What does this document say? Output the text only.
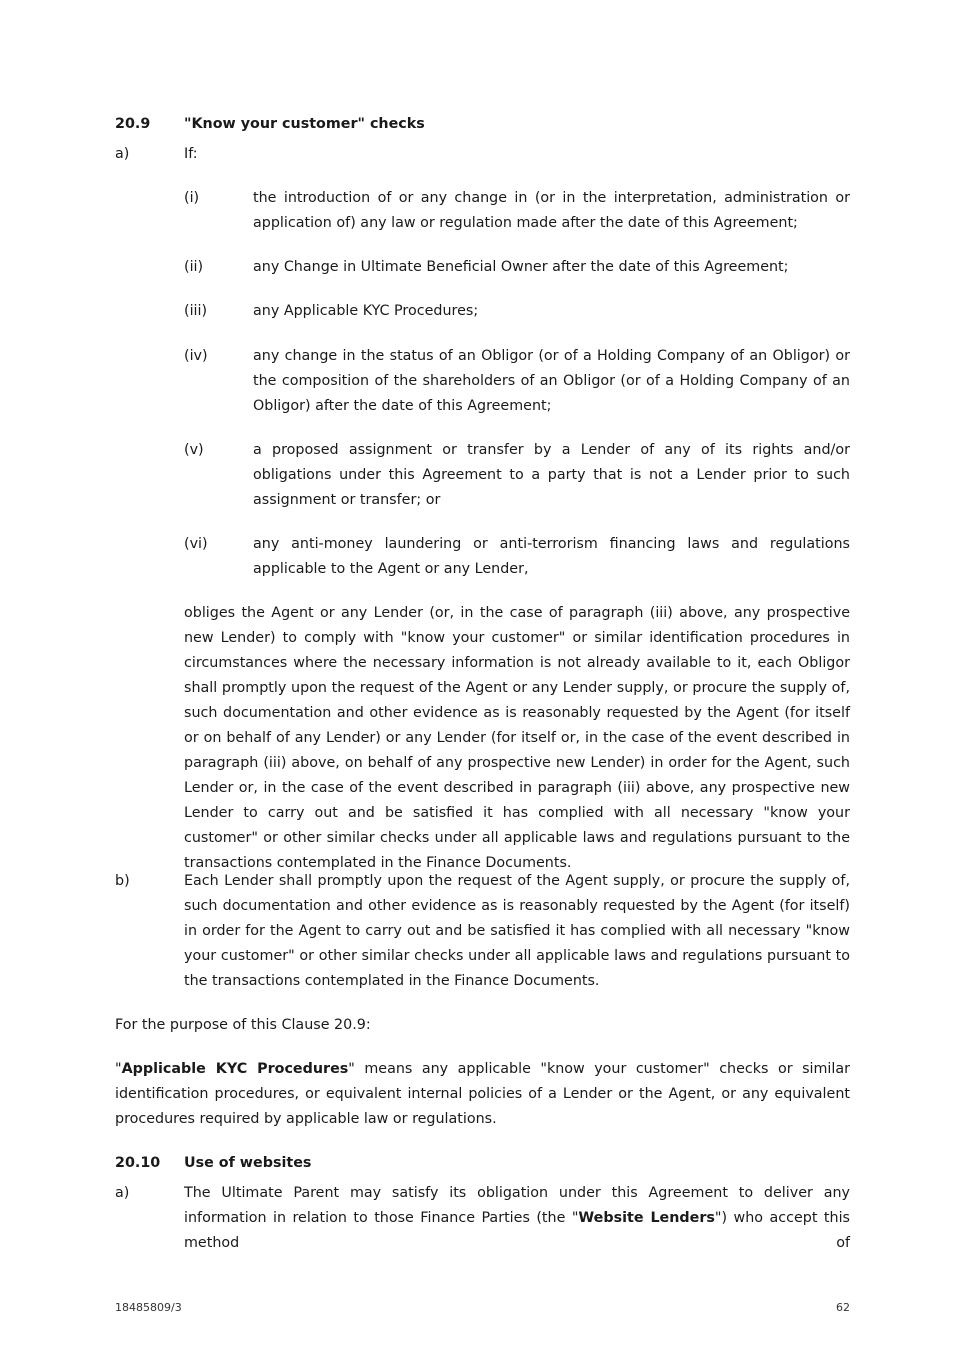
20.9 "Know your customer" checks
a)	If:
(i)	the introduction of or any change in (or in the interpretation, administration or application of) any law or regulation made after the date of this Agreement;
(ii)	any Change in Ultimate Beneficial Owner after the date of this Agreement;
(iii)	any Applicable KYC Procedures;
(iv)	any change in the status of an Obligor (or of a Holding Company of an Obligor) or the composition of the shareholders of an Obligor (or of a Holding Company of an Obligor) after the date of this Agreement;
(v)	a proposed assignment or transfer by a Lender of any of its rights and/or obligations under this Agreement to a party that is not a Lender prior to such assignment or transfer; or
(vi)	any anti-money laundering or anti-terrorism financing laws and regulations applicable to the Agent or any Lender,
obliges the Agent or any Lender (or, in the case of paragraph (iii) above, any prospective new Lender) to comply with "know your customer" or similar identification procedures in circumstances where the necessary information is not already available to it, each Obligor shall promptly upon the request of the Agent or any Lender supply, or procure the supply of, such documentation and other evidence as is reasonably requested by the Agent (for itself or on behalf of any Lender) or any Lender (for itself or, in the case of the event described in paragraph (iii) above, on behalf of any prospective new Lender) in order for the Agent, such Lender or, in the case of the event described in paragraph (iii) above, any prospective new Lender to carry out and be satisfied it has complied with all necessary "know your customer" or other similar checks under all applicable laws and regulations pursuant to the transactions contemplated in the Finance Documents.
b)	Each Lender shall promptly upon the request of the Agent supply, or procure the supply of, such documentation and other evidence as is reasonably requested by the Agent (for itself) in order for the Agent to carry out and be satisfied it has complied with all necessary "know your customer" or other similar checks under all applicable laws and regulations pursuant to the transactions contemplated in the Finance Documents.
For the purpose of this Clause 20.9:
"Applicable KYC Procedures" means any applicable "know your customer" checks or similar identification procedures, or equivalent internal policies of a Lender or the Agent, or any equivalent procedures required by applicable law or regulations.
20.10 Use of websites
a)	The Ultimate Parent may satisfy its obligation under this Agreement to deliver any information in relation to those Finance Parties (the "Website Lenders") who accept this method of
18485809/3	62
